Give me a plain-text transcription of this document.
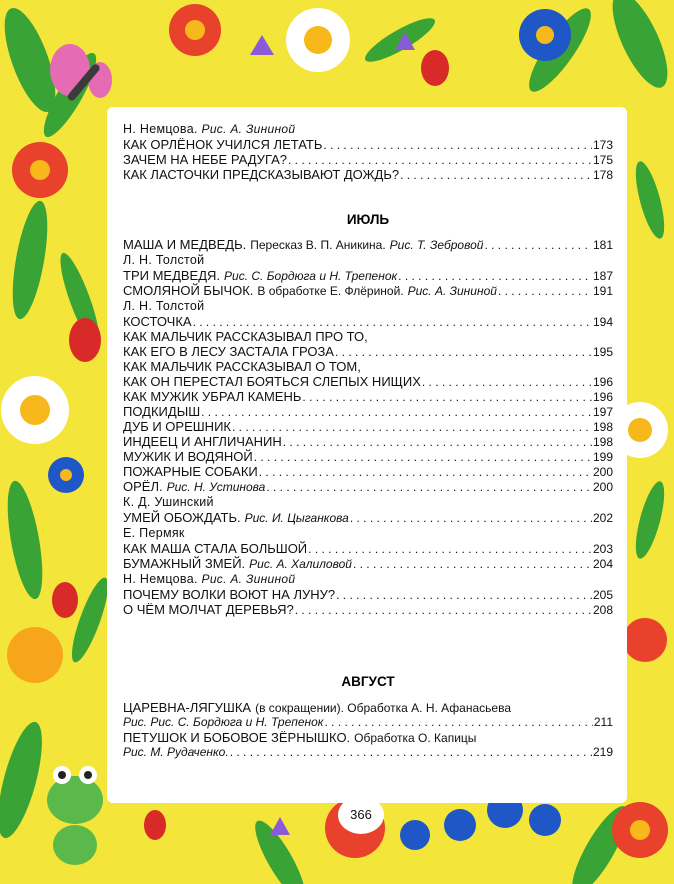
Н. Немцова. Рис. А. Зининой
КАК ОРЛЁНОК УЧИЛСЯ ЛЕТАТЬ . . .	173
ЗАЧЕМ НА НЕБЕ РАДУГА? . . .	175
КАК ЛАСТОЧКИ ПРЕДСКАЗЫВАЮТ ДОЖДЬ? . . .	178
ИЮЛЬ
МАША И МЕДВЕДЬ. Пересказ В. П. Аникина. Рис. Т. Зебровой . . .	181
Л. Н. Толстой
ТРИ МЕДВЕДЯ. Рис. С. Бордюга и Н. Трепенок . . .	187
СМОЛЯНОЙ БЫЧОК. В обработке Е. Флёриной. Рис. А. Зининой . . .	191
Л. Н. Толстой
КОСТОЧКА . . .	194
КАК МАЛЬЧИК РАССКАЗЫВАЛ ПРО ТО,
КАК ЕГО В ЛЕСУ ЗАСТАЛА ГРОЗА . . .	195
КАК МАЛЬЧИК РАССКАЗЫВАЛ О ТОМ,
КАК ОН ПЕРЕСТАЛ БОЯТЬСЯ СЛЕПЫХ НИЩИХ . . .	196
КАК МУЖИК УБРАЛ КАМЕНЬ . . .	196
ПОДКИДЫШ . . .	197
ДУБ И ОРЕШНИК . . .	198
ИНДЕЕЦ И АНГЛИЧАНИН . . .	198
МУЖИК И ВОДЯНОЙ . . .	199
ПОЖАРНЫЕ СОБАКИ . . .	200
ОРЁЛ. Рис. Н. Устинова . . .	200
К. Д. Ушинский
УМЕЙ ОБОЖДАТЬ. Рис. И. Цыганкова . . .	202
Е. Пермяк
КАК МАША СТАЛА БОЛЬШОЙ . . .	203
БУМАЖНЫЙ ЗМЕЙ. Рис. А. Халиловой . . .	204
Н. Немцова. Рис. А. Зининой
ПОЧЕМУ ВОЛКИ ВОЮТ НА ЛУНУ? . . .	205
О ЧЁМ МОЛЧАТ ДЕРЕВЬЯ? . . .	208
АВГУСТ
ЦАРЕВНА-ЛЯГУШКА (в сокращении). Обработка А. Н. Афанасьева
Рис. Рис. С. Бордюга и Н. Трепенок . . .	211
ПЕТУШОК И БОБОВОЕ ЗЁРНЫШКО. Обработка О. Капицы
Рис. М. Рудаченко. . . .	219
366
